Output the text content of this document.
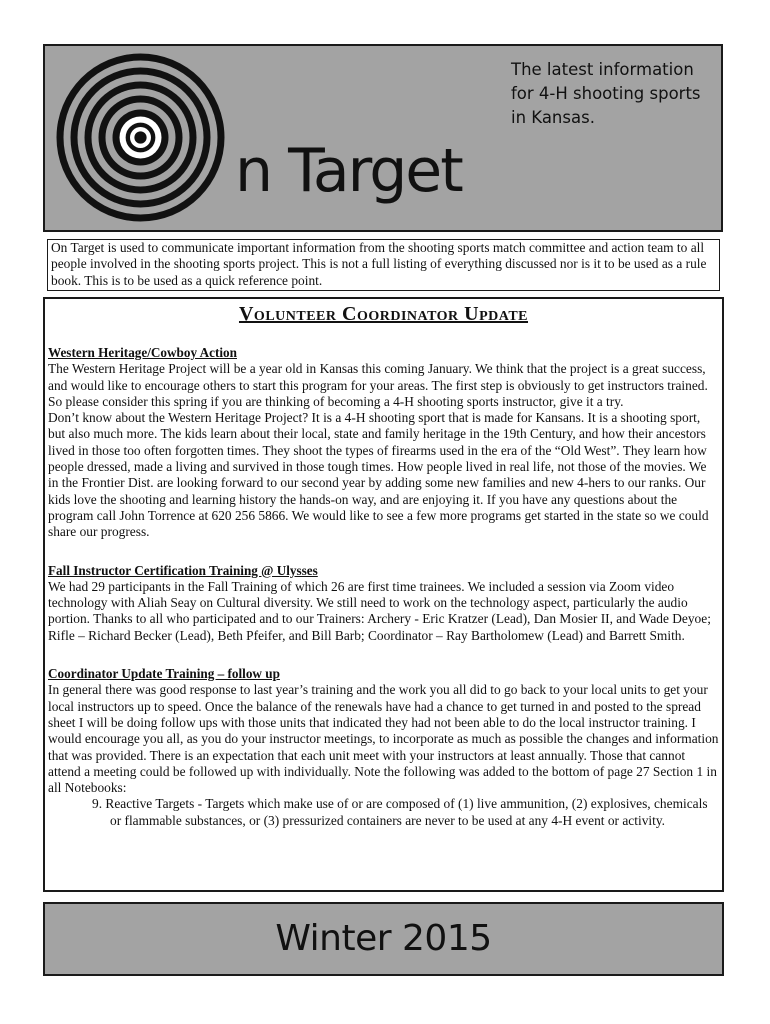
n Target
The latest information
for 4-H shooting sports
in Kansas.
On Target is used to communicate important information from the shooting sports match committee and action team to all people involved in the shooting sports project. This is not a full listing of everything discussed nor is it to be used as a rule book. This is to be used as a quick reference point.
Volunteer Coordinator Update

Western Heritage/Cowboy Action

The Western Heritage Project will be a year old in Kansas this coming January. We think that the project is a great success, and would like to encourage others to start this program for your areas. The first step is obviously to get instructors trained. So please consider this spring if you are thinking of becoming a 4-H shooting sports instructor, give it a try.

Don’t know about the Western Heritage Project? It is a 4-H shooting sport that is made for Kansans. It is a shooting sport, but also much more. The kids learn about their local, state and family heritage in the 19th Century, and how their ancestors lived in those too often forgotten times. They shoot the types of firearms used in the era of the “Old West”. They learn how people dressed, made a living and survived in those tough times. How people lived in real life, not those of the movies. We in the Frontier Dist. are looking forward to our second year by adding some new families and new 4-hers to our ranks. Our kids love the shooting and learning history the hands-on way, and are enjoying it. If you have any questions about the program call John Torrence at 620 256 5866. We would like to see a few more programs get started in the state so we could share our progress.

Fall Instructor Certification Training @ Ulysses

We had 29 participants in the Fall Training of which 26 are first time trainees. We included a session via Zoom video technology with Aliah Seay on Cultural diversity. We still need to work on the technology aspect, particularly the audio portion. Thanks to all who participated and to our Trainers: Archery - Eric Kratzer (Lead), Dan Mosier II, and Wade Deyoe; Rifle – Richard Becker (Lead), Beth Pfeifer, and Bill Barb; Coordinator – Ray Bartholomew (Lead) and Barrett Smith.

Coordinator Update Training – follow up

In general there was good response to last year’s training and the work you all did to go back to your local units to get your local instructors up to speed. Once the balance of the renewals have had a chance to get turned in and posted to the spread sheet I will be doing follow ups with those units that indicated they had not been able to do the local instructor training. I would encourage you all, as you do your instructor meetings, to incorporate as much as possible the changes and information that was provided. There is an expectation that each unit meet with your instructors at least annually. Those that cannot attend a meeting could be followed up with individually. Note the following was added to the bottom of page 27 Section 1 in all Notebooks:

9. Reactive Targets - Targets which make use of or are composed of (1) live ammunition, (2) explosives, chemicals or flammable substances, or (3) pressurized containers are never to be used at any 4-H event or activity.

Winter 2015
